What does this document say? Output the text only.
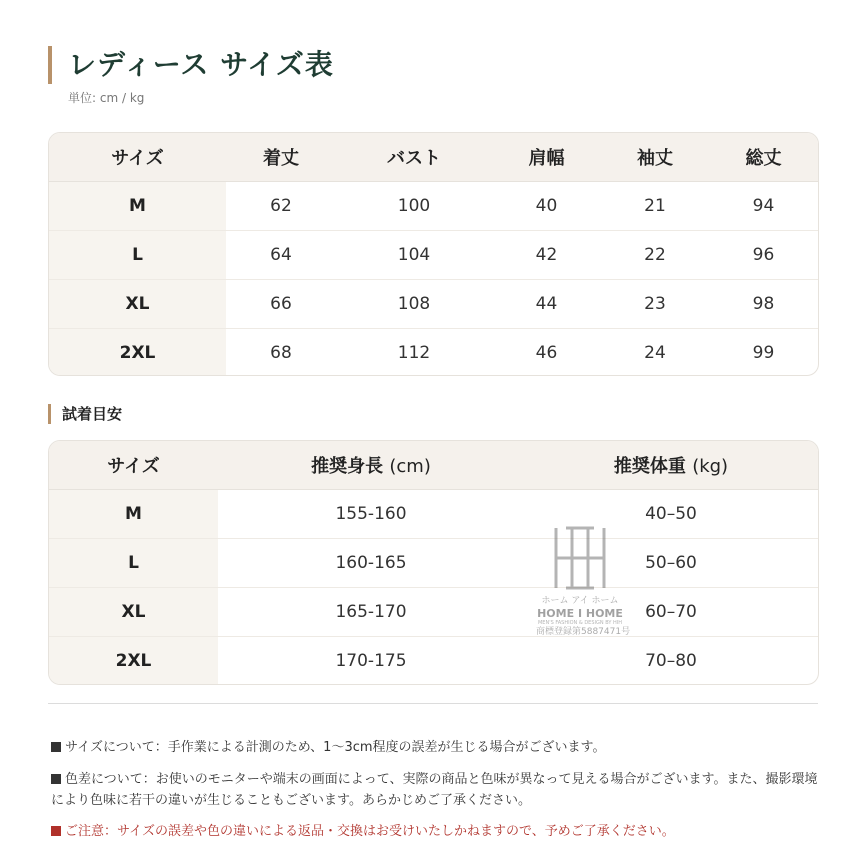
レディース サイズ表
単位: cm / kg
サイズ	着丈	バスト	肩幅	袖丈	総丈
M	62	100	40	21	94
L	64	104	42	22	96
XL	66	108	44	23	98
2XL	68	112	46	24	99
試着目安
サイズ	推奨身長 (cm)	推奨体重 (kg)
M	155-160	40–50
L	160-165	50–60
XL	165-170	60–70
2XL	170-175	70–80
ホーム アイ ホーム
HOME I HOME
MEN'S FASHION & DESIGN BY HIH
商標登録第5887471号
サイズについて：手作業による計測のため、1〜3cm程度の誤差が生じる場合がございます。
色差について：お使いのモニターや端末の画面によって、実際の商品と色味が異なって見える場合がございます。また、撮影環境により色味に若干の違いが生じることもございます。あらかじめご了承ください。
ご注意：サイズの誤差や色の違いによる返品・交換はお受けいたしかねますので、予めご了承ください。
